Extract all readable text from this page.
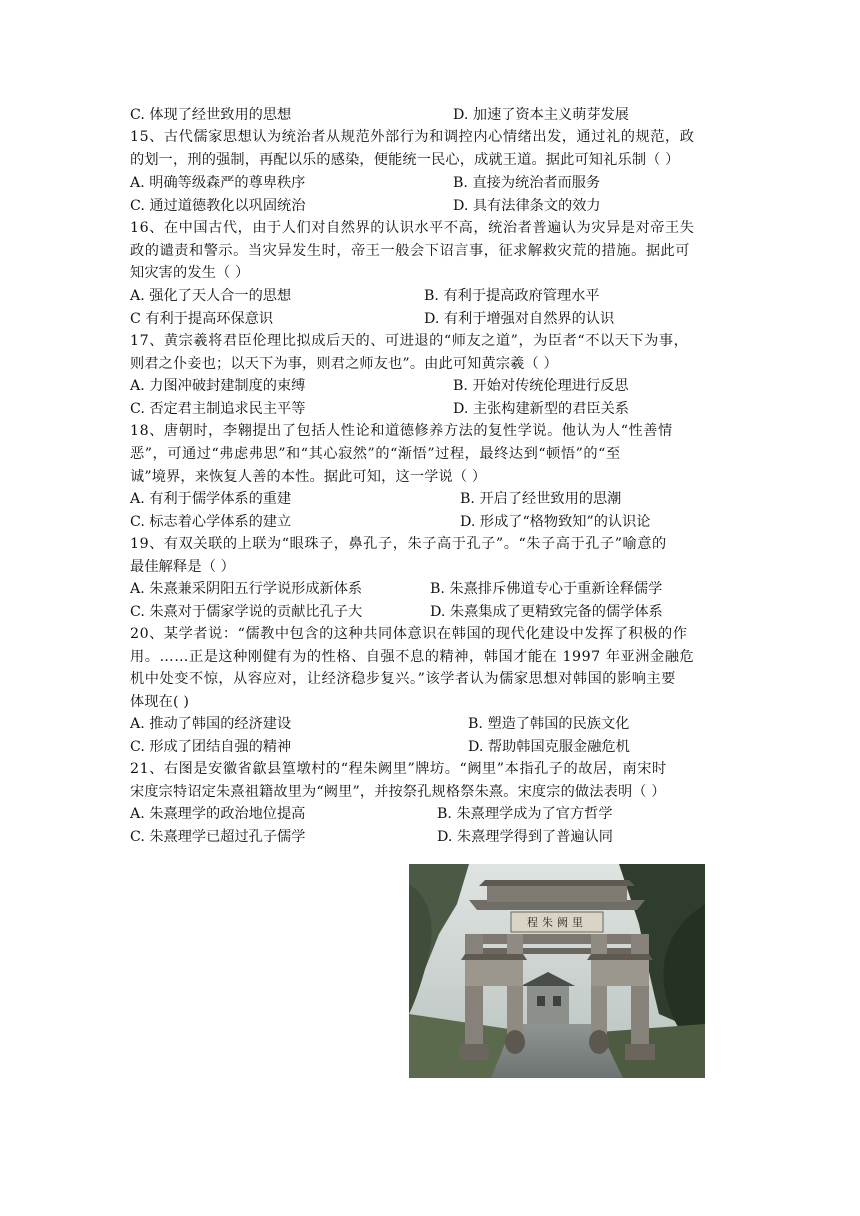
C. 体现了经世致用的思想	D. 加速了资本主义萌芽发展
15、古代儒家思想认为统治者从规范外部行为和调控内心情绪出发，通过礼的规范，政
的划一，刑的强制，再配以乐的感染，便能统一民心，成就王道。据此可知礼乐制（ ）
A. 明确等级森严的尊卑秩序	B. 直接为统治者而服务
C. 通过道德教化以巩固统治	D. 具有法律条文的效力
16、在中国古代，由于人们对自然界的认识水平不高，统治者普遍认为灾异是对帝王失
政的谴责和警示。当灾异发生时，帝王一般会下诏言事，征求解救灾荒的措施。据此可
知灾害的发生（ ）
A. 强化了天人合一的思想	B. 有利于提高政府管理水平
C 有利于提高环保意识	D. 有利于增强对自然界的认识
17、黄宗羲将君臣伦理比拟成后天的、可进退的“师友之道”，为臣者“不以天下为事，
则君之仆妾也；以天下为事，则君之师友也”。由此可知黄宗羲（ ）
A. 力图冲破封建制度的束缚	B. 开始对传统伦理进行反思
C. 否定君主制追求民主平等	D. 主张构建新型的君臣关系
18、唐朝时，李翱提出了包括人性论和道德修养方法的复性学说。他认为人“性善情
恶”，可通过“弗虑弗思”和“其心寂然”的“渐悟”过程，最终达到“顿悟”的“至
诚”境界，来恢复人善的本性。据此可知，这一学说（ ）
A. 有利于儒学体系的重建	B. 开启了经世致用的思潮
C. 标志着心学体系的建立	D. 形成了“格物致知”的认识论
19、有双关联的上联为“眼珠子，鼻孔子，朱子高于孔子”。“朱子高于孔子”喻意的
最佳解释是（ ）
A. 朱熹兼采阴阳五行学说形成新体系	B. 朱熹排斥佛道专心于重新诠释儒学
C. 朱熹对于儒家学说的贡献比孔子大	D. 朱熹集成了更精致完备的儒学体系
20、某学者说：“儒教中包含的这种共同体意识在韩国的现代化建设中发挥了积极的作
用。……正是这种刚健有为的性格、自强不息的精神，韩国才能在 1997 年亚洲金融危
机中处变不惊，从容应对，让经济稳步复兴。”该学者认为儒家思想对韩国的影响主要
体现在( )
A. 推动了韩国的经济建设	B. 塑造了韩国的民族文化
C. 形成了团结自强的精神	D. 帮助韩国克服金融危机
21、右图是安徽省歙县篁墩村的“程朱阙里”牌坊。“阙里”本指孔子的故居，南宋时
宋度宗特诏定朱熹祖籍故里为“阙里”，并按祭孔规格祭朱熹。宋度宗的做法表明（ ）
A. 朱熹理学的政治地位提高	B. 朱熹理学成为了官方哲学
C. 朱熹理学已超过孔子儒学	D. 朱熹理学得到了普遍认同
程朱阙里
